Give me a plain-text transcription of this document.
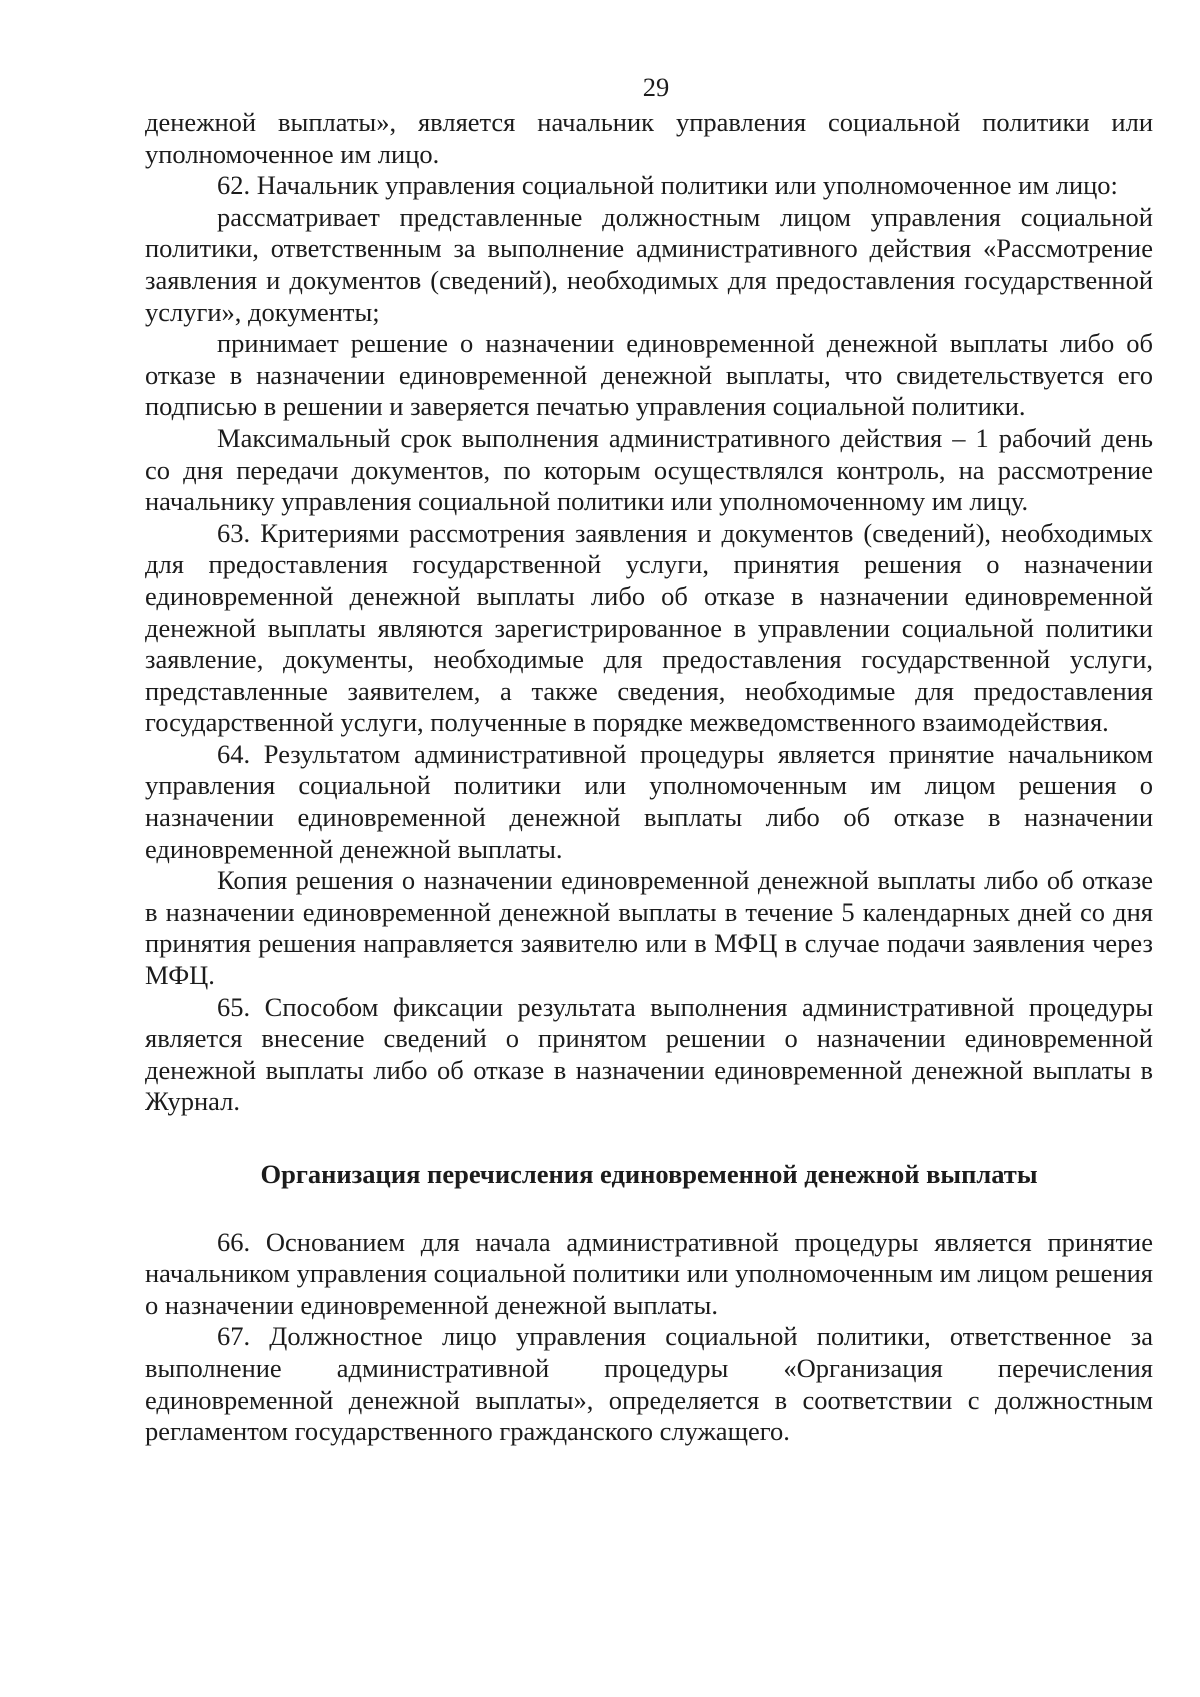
29

денежной выплаты», является начальник управления социальной политики или уполномоченное им лицо.

62. Начальник управления социальной политики или уполномоченное им лицо:

рассматривает представленные должностным лицом управления социальной политики, ответственным за выполнение административного действия «Рассмотрение заявления и документов (сведений), необходимых для предоставления государственной услуги», документы;

принимает решение о назначении единовременной денежной выплаты либо об отказе в назначении единовременной денежной выплаты, что свидетельствуется его подписью в решении и заверяется печатью управления социальной политики.

Максимальный срок выполнения административного действия – 1 рабочий день со дня передачи документов, по которым осуществлялся контроль, на рассмотрение начальнику управления социальной политики или уполномоченному им лицу.

63. Критериями рассмотрения заявления и документов (сведений), необходимых для предоставления государственной услуги, принятия решения о назначении единовременной денежной выплаты либо об отказе в назначении единовременной денежной выплаты являются зарегистрированное в управлении социальной политики заявление, документы, необходимые для предоставления государственной услуги, представленные заявителем, а также сведения, необходимые для предоставления государственной услуги, полученные в порядке межведомственного взаимодействия.

64. Результатом административной процедуры является принятие начальником управления социальной политики или уполномоченным им лицом решения о назначении единовременной денежной выплаты либо об отказе в назначении единовременной денежной выплаты.

Копия решения о назначении единовременной денежной выплаты либо об отказе в назначении единовременной денежной выплаты в течение 5 календарных дней со дня принятия решения направляется заявителю или в МФЦ в случае подачи заявления через МФЦ.

65. Способом фиксации результата выполнения административной процедуры является внесение сведений о принятом решении о назначении единовременной денежной выплаты либо об отказе в назначении единовременной денежной выплаты в Журнал.

Организация перечисления единовременной денежной выплаты

66. Основанием для начала административной процедуры является принятие начальником управления социальной политики или уполномоченным им лицом решения о назначении единовременной денежной выплаты.

67. Должностное лицо управления социальной политики, ответственное за выполнение административной процедуры «Организация перечисления единовременной денежной выплаты», определяется в соответствии с должностным регламентом государственного гражданского служащего.
